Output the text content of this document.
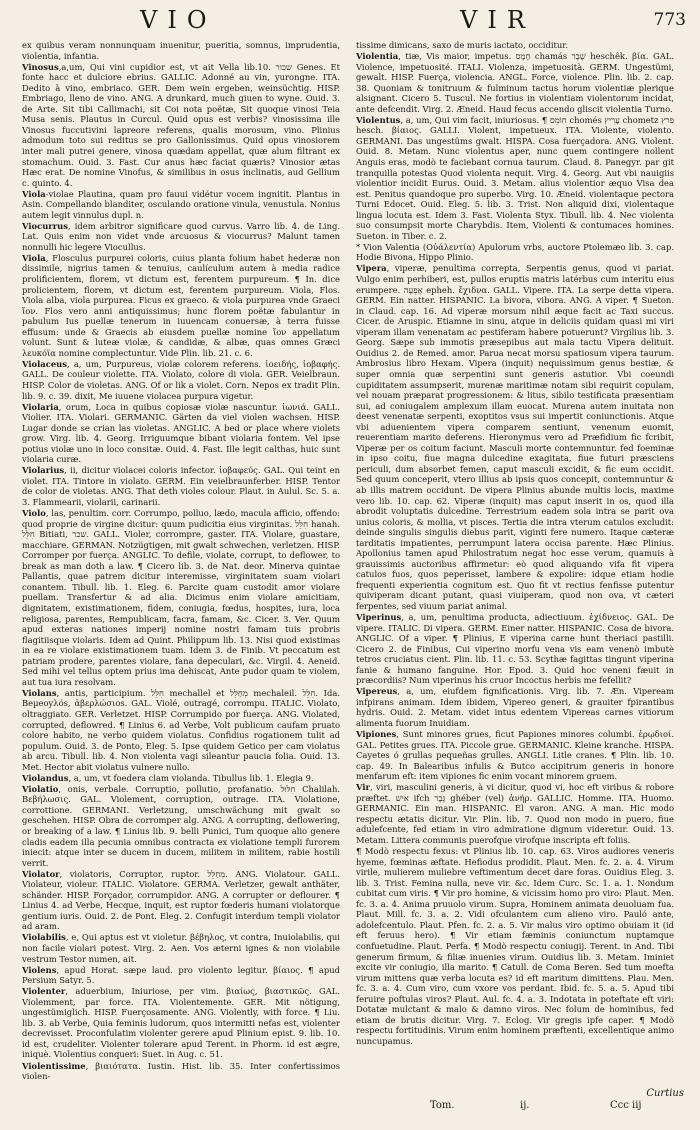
VIO	VIR	773

ex quibus veram nonnunquam inuenitur, pueritia, somnus, imprudentia, violentia, infantia.

Vinosus,a,um, Qui vini cupidior est, vt ait Vella lib.10. שכור Genes. Et fonte hacc et dulciore ebrius. GALLIC. Adonné au vin, yurongne. ITA. Dedito à vino, embriaco. GER. Dem wein ergeben, weinsüchtig. HISP. Embriago, lleno de vino. ANG. A drunkard, much giuen to wyne. Ouid. 3. de Arte. Sit tibi Callimachi, sit Coi nota poëtæ, Sit quoque vinosi Teia Musa senis. Plautus in Curcul. Quid opus est verbis? vinosissima ille Vinosus fuccutivini lapreore referens, qualis morosum, vino. Plinius admodum toto sui reditus se pro Gallonissimus. Quid opus vinosiorem inter mali putrei genere, vinosa quædam appellat, quæ alum filtrant ex stomachum. Ouid. 3. Fast. Cur anus hæc faciat quæris? Vinosior ætas Hæc erat. De nomine Vinofus, & similibus in osus inclinatis, aud Gellium c. quinto. 4.

Viola-violae Plautina, quam pro fauui vidétur vocem ingnitit. Plantus in Asin. Compellando blanditer, osculando oratione vinula, venustula. Nonius autem legit vinnulus dupl. n.

Viocurrus, idem arbitror significare quod curvus. Varro lib. 4. de Ling. Lat. Quis enim non videt vnde arcuosus & viocurrus? Malunt tamen nonnulli hic legere Viocullus.

Viola, Flosculus purpurei coloris, cuius planta folium habet hederæ non dissimile, nigrius tamen & tenuius, caulículum autem à media radice prolificientem, florem, vt dictum est, ferentem purpureum. ¶ In. dice prolicientem, florem, vt dictum est, ferentem purpureum. Viola, Flos. Viola alba, viola purpurea. Ficus ex graeco. & viola purpurea vnde Graeci ἴον. Flos vero anni antiquissimus; hunc florem poëtæ fabulantur in pabulum Ius puellæ tenerum in iuuencam conuersæ, à terra fuisse effusum: unde & Graecis ab eiusdem puellæ nomine ἴον appellatum volunt. Sunt & luteæ violæ, & candidæ, & albæ, quas omnes Græci λευκόϊα nomine complectuntur. Vide Plin. lib. 21. c. 6.

Violaceus, a, um, Purpureus, violæ colorem referens. ἰοειδής, ἰοβαφής. GALL. De couleur violette. ITA. Violato, colore di viola. GER. Veielbraun. HISP. Color de violetas. ANG. Of or lik a violet. Corn. Nepos ex tradit Plin. lib. 9. c. 39. dixit, Me iuuene violacea purpura vigetur.

Violaria, orum, Loca in quibus copiosæ violæ nascuntur. ἰωνιά. GALL. Violier. ITA. Violari. GERMANIC. Gärten da viel violen wachsen. HISP. Lugar donde se crian las violetas. ANGLIC. A bed or place where violets grow. Virg. lib. 4. Georg. Irriguumque bibant violaria fontem. Vel ipse potius violæ uno in loco consitæ. Ouid. 4. Fast. Ille legit calthas, huic sunt violaria curæ.

Violarius, ii, dicitur violacei coloris infector. ἰοβαφεύς. GAL. Qui teint en violet. ITA. Tintore in violato. GERM. Ein veielbraunferber. HISP. Tentor de color de violetas. ANG. That deth violes colour. Plaut. in Aulul. Sc. 5. a. 3. Flammearii, violarii, carinarii.

Violo, las, penultim. corr. Corrumpo, polluo, lædo, macula afficio, offendo: quod proprie de virgine dicitur: quum pudicitia eius virginitas. חִלֵּל hanah. חִלֵּל Bitiati, שכר. GALL. Violer, corrompre, gaster. ITA. Violare, guastare, macchiare. GERMAN. Notzügtigen, mit gwalt schwechen, verletzen. HISP. Corromper por fuerça. ANGLIC. To defile, violate, corrupt, to deflower, to break as man doth a law. ¶ Cicero lib. 3. de Nat. deor. Minerva quintae Pallantis, quae patrem dicitur interemisse, virginitatem suam violari conantem. Tibull. lib. 1. Eleg. 6. Parcite quam custodit amor violare puellam. Transfertur & ad alia. Dicimus enim violare amicitiam, dignitatem, existimationem, fidem, coniugia, fœdus, hospites, iura, loca religiosa, parentes, Rempublicam, facra, famam, &c. Cicer. 3. Ver. Quum apud exteras nationes imperij nomine nostri famam tuis probris flagitiisque violaris. Idem ad Quint. Philippum lib. 13. Nisi quod existimas in ea re violare existimationem tuam. Idem 3. de Finib. Vt peccatum est patriam prodere, parentes violare, fana depeculari, &c. Virgil. 4. Aeneid. Sed mihi vel tellus optem prius ima dehiscat, Ante pudor quam te violem, aut tua iura resolvam.

Violans, antis, participium. חִלֵּל mechallel et מְחַלֵּל mechaleil. חִלֵּל. Ida. Beµeoyλós, ἀβερλώσιοs. GAL. Violé, outragé, corrompu. ITALIC. Violato, oltraggiato. GER. Verletzet. HISP. Corrumpido por fuerça. ANG. Violated, corrupted, deflowred. ¶ Linius 6. ad Verbe, Volt publicum caufam pruato colore habito, ne verbo quidem violatus. Confidius rogationem tulit ad populum. Ouid. 3. de Ponto, Eleg. 5. Ipse quidem Getico per cam violatus ab arcu. Tibull. lib. 4. Non violenta vagi sileantur paucia folia. Ouid. 13. Met. Hector abit violatus vulnere nullo.

Violandus, a, um, vt foedera clam violanda. Tibullus lib. 1. Elegia 9.

Violatio, onis, verbale. Corruptio, pollutio, profanatio. חִלּוּל Chalilah. Βεβήλωσις. GAL. Violement, corruption, outrage. ITA. Violatione, corrottione. GERMANI. Verletzung, umschwächung mit gwalt so geschehen. HISP. Obra de corromper alg. ANG. A corrupting, deflowering, or breaking of a law. ¶ Linius lib. 9. belli Punici, Tum quoque alio genere cladis eadem illa pecunia omnibus contracta ex violatione templi furorem iniecit: atque inter se ducem in ducem, militem in militem, rabie hostili verrit.

Violator, violatoris, Corruptor, ruptor. מְחַלֵּל. ANG. Violatour. GALL. Violateur, violeur. ITALIC. Violatore. GERMA. Verletzer, gewalt anthäter, schänder. HISP. Forçador, corrumpidor. ANG. A corrupter or deflourer. ¶ Linius 4. ad Verbe, Hecque, inquit, est ruptor fœderis humani violatorque gentium iuris. Ouid. 2. de Pont. Eleg. 2. Confugit interdum templi violator ad aram.

Violabilis, e, Qui aptus est vt violetur. βέβηλος, vt contra, Inuiolabilis, qui non facile violari potest. Virg. 2. Aen. Vos æterni ignes & non violabile vestrum Testor numen, ait.

Violens, apud Horat. sæpe laud. pro violento legitur. βίαιος. ¶ apud Persium Satyr. 5.

Violenter, aduerbium, Iniuriose, per vim. βιαίως, βιαστικῶς. GAL. Violemment, par force. ITA. Violentemente. GER. Mit nötigung, ungestümiglich. HISP. Fuerçosamente. ANG. Violently, with force. ¶ Liu. lib. 3. ab Verbe, Quia feminis ludorum, quos intermitti nefas est, violenter decrevisset. Proconfulatim violenter gerere apud Plinium epist. 9. lib. 10. id est, crudeliter. Violenter tolerare apud Terent. in Phorm. id est ægre, iniquè. Violentius conqueri: Suet. in Aug. c. 51.

Violentissime, βιαιότατα. Iustin. Hist. lib. 35. Inter confertissimos violen-

tissime dimicans, saxo de muris iactato, occiditur.

Violentia, tiæ, Vis maior, impetus. חָמָס chamás שֶׁבֶר heschêk. βία. GAL. Violence, impetuosité. ITALI. Violenza, impetuosità. GERM. Ungestümi, gewalt. HISP. Fuerça, violencia. ANGL. Force, violence. Plin. lib. 2. cap. 38. Quoniam & tonitruum & fulminum tactus horum violentiæ plerique alsignant. Cicero 5. Tuscul. Ne fortius in violentiam violentorum incidat, ante defcendit. Virg. 2. Æneid. Haud fecus accendo gliscit violentia Turno.

Violentus, a, um, Qui vim facit, iniuriosus. ¶ חוֹמֵס chomés עָרִיץ chometz פרץ hesch. βίαιος. GALLI. Violent, impetueux. ITA. Violente, violento. GERMANI. Das ungestüms gwalt. HISPA. Cosa fuerçadora. ANG. Violent. Ouid. 8. Metam. Nunc violentus aper, nunc quem contingere nollent Anguis eras, modò te faciebant cornua taurum. Claud. 8. Panegyr. par git tranquilla potestas Quod violenta nequit. Virg. 4. Georg. Aut vbi nauigiis violentior incidit Eurus. Ouid. 3. Metam. alius violentior æquo Visa dea est. Penitus quandoque pro superbo. Virg. 10. Æneid. violentaque pectora Turni Edocet. Ouid. Eleg. 5. lib. 3. Trist. Non aliquid dixi, violentaque lingua locuta est. Idem 3. Fast. Violenta Styx. Tibull. lib. 4. Nec violenta suo consumpsit morte Charybdis. Item, Violenti & contumaces homines. Sueton. in Tiber. c. 2.

* Vion Valentia (Οὐάλεντία) Apulorum vrbs, auctore Ptolemæo lib. 3. cap. Hodie Bivona, Hippo Plinio.

Vipera, viperæ, penultima correpta, Serpentis genus, quod vi pariat. Vulgo enim perhiberi, est, pullos eruptis matris latérbus cum interitu eius erumpere. אֶפְעֶה epheh. ἔχιδνα. GALL. Vipere. ITA. La serpe detta vipera. GERM. Ein natter. HISPANIC. La bivora, vibora. ANG. A viper. ¶ Sueton. in Claud. cap. 16. Ad viperæ morsum nihil æque facit ac Taxi succus. Cicer. de Aruspic. Etiamne in sinu, atque in deliciis quidam quasi mi viri viperam illam venenatam ac pestiferam habere potuerunt? Virgilius lib. 3. Georg. Sæpe sub immotis præsepibus aut mala tactu Vipera delituit. Ouidius 2. de Remed. amor. Parua necat morsu spatiosum vipera taurum. Ambrosius libro Hexam. Vipera (inquit) nequissimum genus bestiæ, & super omnia quæ serpentini sunt generis astutior. Vbi coeundi cupiditatem assumpserit, murenæ maritimæ notam sibi requirit copulam, vel nouam præparat progressionem: & litus, sibilo testificata præsentiam sui, ad coniugalem amplexum illam euocat. Murena autem inuitata non deest venenatæ serpenti, exoptitos vsus sui impertit coniunctionis. Atque vbi aduenientem vipera comparem sentiunt, venenum euomit, reuerentiam marito deferens. Hieronymus vero ad Præfidium fic fcribit, Viperæ per os coitum faciunt. Masculi morte contemnuntur. fed foeminæ in ipso coitu, fiue magna dulcedine exagitata, fiue futuri præsciens periculi, dum absorbet femen, caput masculi excidit, & fic eum occidit. Sed quum conceperit, vtero illius ab ipsis quos concepit, contemnuntur & ab illis matrem occidunt. De vipera Plinius abunde multis locis, maxime vero lib. 10. cap. 62. Viperæ (inquit) mas caput inserit in os, quod illa abrodit voluptatis dulcedine. Terrestrium eadem sola intra se parit ova unius coloris, & mollia, vt pisces. Tertia die intra vterum catulos excludit: deinde singulis singulis diebus parit, viginti fere numero. Itaque cæteræ tarditatis impatientes, perrumpunt latera occisa parente. Hæc Plinius. Apollonius tamen apud Philostratum negat hoc esse verum, quamuis à grauissimis auctoribus affirmetur: eò quod aliquando vifa fit vipera catulos fuos, quos peperisset, lambere & expolire: idque etiam hodie frequenti experientia cognitum est. Quo fit vt rectius fenfisse putentur quiviperam dicant putant, quasi viuiperam, quod non ova, vt cæteri ferpentes, sed viuum pariat animal.

Viperinus, a, um, penultima producta, adiectiuum. ἐχίδνειος. GAL. De vipere. ITALIC. Di vipera. GERM. Einer natter. HISPANIC. Cosa de bivora. ANGLIC. Of a viper. ¶ Plinius, E viperina carne hunt theriaci pastilli. Cicero 2. de Finibus, Cui viperino morfu vena vis eam venenò imbutè tetros cruciatus cient. Plin. lib. 11. c. 53. Scythæ fagittas tingunt viperina fanie & humano fanguine. Hor. Epod. 3. Quid hoc veneni fæuit in præcordiis? Num viperinus his cruor Incoctus herbis me fefellit?

Vipereus, a, um, eiufdem fignificationis. Virg. lib. 7. Æn. Vipeream infpirans animam. Idem ibidem, Vipereo generi, & grauiter fpirantibus hydris. Ouid. 2. Metam. videt intus edentem Vipereas carnes vitiorum alimenta fuorum Inuidiam.

Vipiones, Sunt minores grues, ficut Papiones minores columbi. ἐρῳδιοί. GAL. Petites grues. ITA. Piccole grue. GERMANIC. Kleine kranche. HISPA. Cayetes ó grullas pequeñas grulles. ANGLI. Litle cranes. ¶ Plin. lib. 10. cap. 49. In Balearibus infulis & Butco accipitrum generis in honore menfarum eft: item vipiones fic enim vocant minorem gruem.

Vir, viri, masculini generis, à vi dicitur, quod vi, hoc eft viribus & robore præftet. אִישׁ ifch גֶּבֶר ghéber (vel) ἀνήρ. GALLIC. Homme. ITA. Huomo. GERMANIC. Ein man. HISPANIC. El varon. ANG. A man. Hic modo respectu ætatis dicitur. Vir. Plin. lib. 7. Quod non modo in puero, fiue adulefcente, fed etiam in viro admiratione dignum videretur. Ouid. 13. Metam. Littera communis puerofque virofque inscripta eft foliis.

¶ Modò respectu fexus: vt Plinius lib. 10. cap. 63. Viros audiores veneris hyeme, fœminas æftate. Hefiodus prodidit. Plaut. Men. fc. 2. a. 4. Virum virile, mulierem muliebre veftimentum decet dare foras. Ouidius Eleg. 3. lib. 3. Trist. Femina nulla, neve vir. &c. Idem Curc. Sc. 1. a. 1. Nondum cubitat cum viris. ¶ Vir pro homine, & vicissim homo pro viro: Plaut. Men. fc. 3. a. 4. Anima pruuolo virum. Supra, Hominem animata deuoluam fua. Plaut. Mill. fc. 3. a. 2. Vidi ofculantem cum alieno viro. Pauló ante, adolefcentulo. Plaut. Pfen. fc. 2. a. 5. Vir malus viro optimo obuiam it (id eft feruus hero). ¶ Vir etiam fæminis coniunctum nuptamque confuetudine. Plaut. Perfa. ¶ Modò respectu coniugij. Terent. in And. Tibi generum firmum, & filiæ inuenies virum. Ouidius lib. 3. Metam. Iminiet excite vir coniugio, illa marito. ¶ Catull. de Coma Beren. Sed tum moefta virum mittens quæ verba locuta es? id eft maritum dimittens. Plau. Men. fc. 3. a. 4. Cum viro, cum vxore vos perdant. Ibid. fc. 5. a. 5. Apud tibi feruire poftulas viros? Plaut. Aul. fc. 4. a. 3. Indotata in poteftate eft viri: Dotatæ mulctant & malo & damno viros. Nec folum de hominibus, fed etiam de brutis dicitur. Virg. 7. Eclog. Vir gregis ipfe caper. ¶ Modò respectu fortitudinis. Virum enim hominem præftenti, excellentique animo nuncupamus.

Curtius
Tom.	ij.	Ccc iij
